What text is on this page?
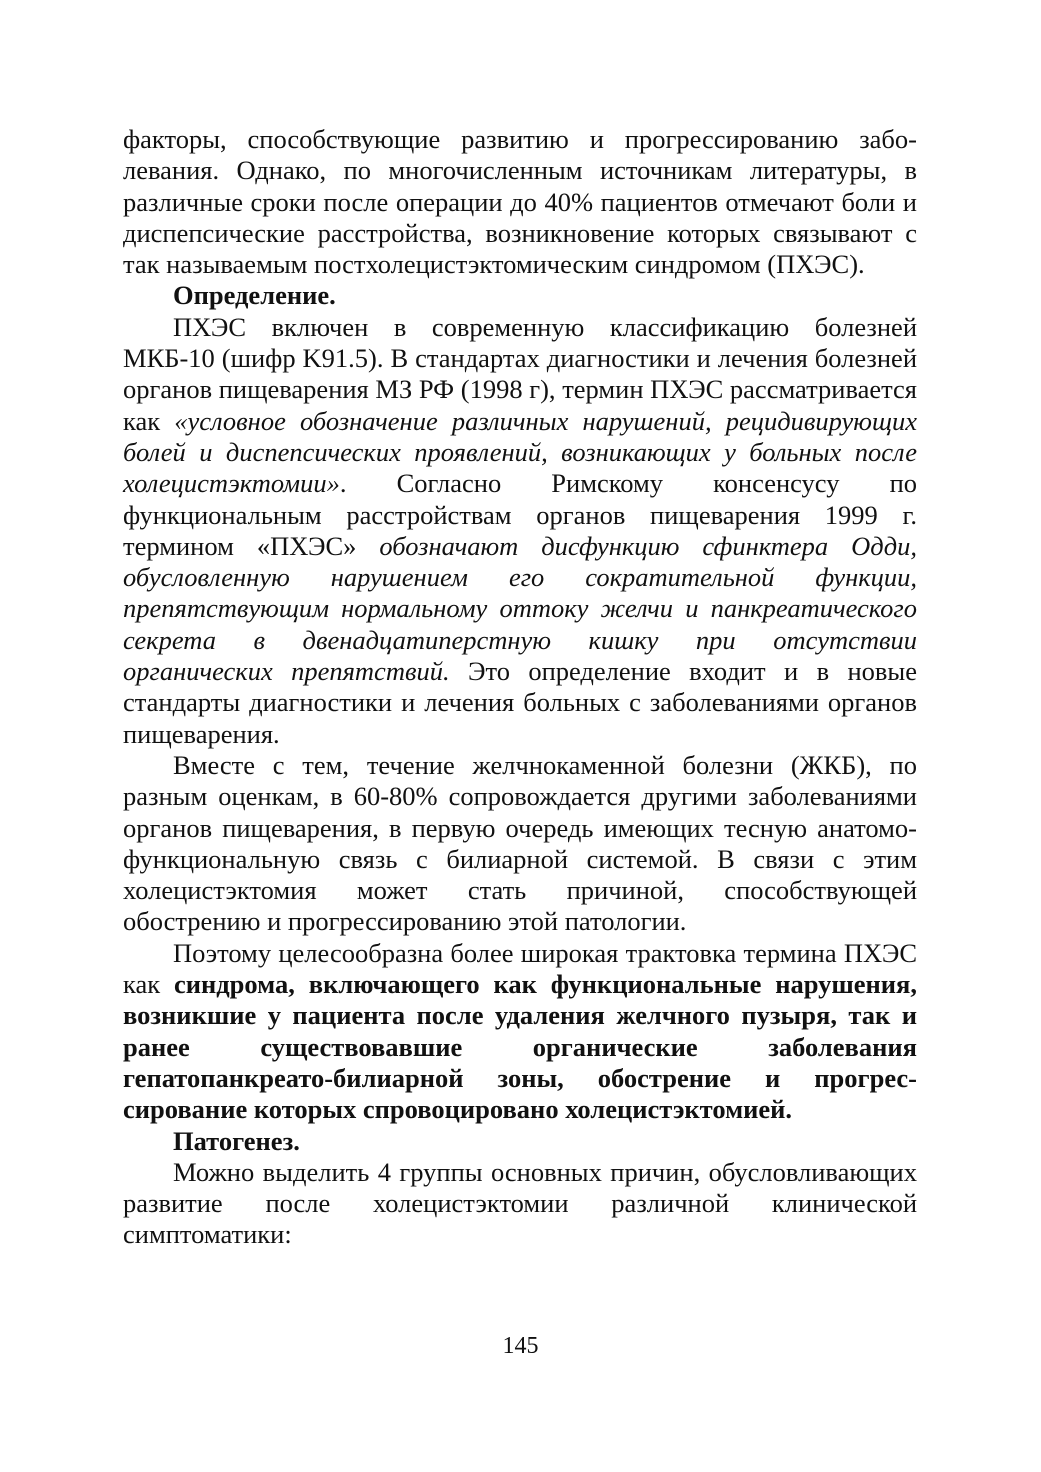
факторы, способствующие развитию и прогрессированию заболевания. Однако, по многочисленным источникам литературы, в различные сроки после операции до 40% пациентов отмечают боли и диспепсические расстройства, возникновение которых связывают с так называемым постхолецистэктомическим синдромом (ПХЭС).

Определение.

ПХЭС включен в современную классификацию болезней МКБ-10 (шифр K91.5). В стандартах диагностики и лечения болезней органов пищеварения МЗ РФ (1998 г), термин ПХЭС рассматривается как «условное обозначение различных нарушений, рецидивирующих болей и диспепсических проявлений, возникающих у больных после холецистэктомии». Согласно Римскому консенсусу по функциональным расстройствам органов пищеварения 1999 г. термином «ПХЭС» обозначают дисфункцию сфинктера Одди, обусловленную нарушением его сократительной функции, препятствующим нормальному оттоку желчи и панкреатического секрета в двенадцатиперстную кишку при отсутствии органических препятствий. Это определение входит и в новые стандарты диагностики и лечения больных с заболеваниями органов пищеварения.

Вместе с тем, течение желчнокаменной болезни (ЖКБ), по разным оценкам, в 60-80% сопровождается другими заболеваниями органов пищеварения, в первую очередь имеющих тесную анатомо-функциональную связь с билиарной системой. В связи с этим холецистэктомия может стать причиной, способствующей обострению и прогрессированию этой патологии.

Поэтому целесообразна более широкая трактовка термина ПХЭС как синдрома, включающего как функциональные нарушения, возникшие у пациента после удаления желчного пузыря, так и ранее существовавшие органические заболевания гепатопанкреато-билиарной зоны, обострение и прогрессирование которых спровоцировано холецистэктомией.

Патогенез.

Можно выделить 4 группы основных причин, обусловливающих развитие после холецистэктомии различной клинической симптоматики:

145
